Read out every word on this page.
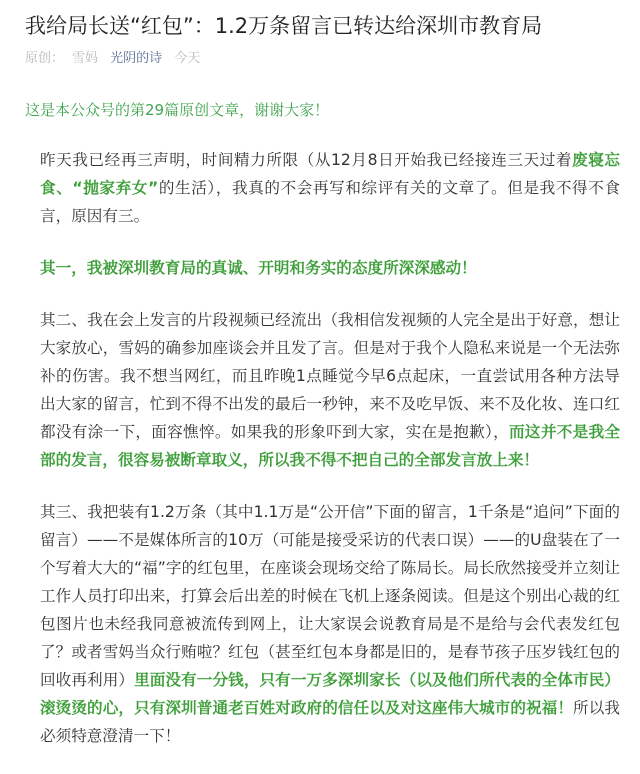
我给局长送“红包”：1.2万条留言已转达给深圳市教育局
原创： 雪妈 光阴的诗 今天
这是本公众号的第29篇原创文章，谢谢大家！

昨天我已经再三声明，时间精力所限（从12月8日开始我已经接连三天过着废寝忘食、“抛家弃女”的生活），我真的不会再写和综评有关的文章了。但是我不得不食言，原因有三。

其一，我被深圳教育局的真诚、开明和务实的态度所深深感动！

其二、我在会上发言的片段视频已经流出（我相信发视频的人完全是出于好意，想让大家放心，雪妈的确参加座谈会并且发了言。但是对于我个人隐私来说是一个无法弥补的伤害。我不想当网红，而且昨晚1点睡觉今早6点起床，一直尝试用各种方法导出大家的留言，忙到不得不出发的最后一秒钟，来不及吃早饭、来不及化妆、连口红都没有涂一下，面容憔悴。如果我的形象吓到大家，实在是抱歉），而这并不是我全部的发言，很容易被断章取义，所以我不得不把自己的全部发言放上来！

其三、我把装有1.2万条（其中1.1万是“公开信”下面的留言，1千条是“追问”下面的留言）——不是媒体所言的10万（可能是接受采访的代表口误）——的U盘装在了一个写着大大的“福”字的红包里，在座谈会现场交给了陈局长。局长欣然接受并立刻让工作人员打印出来，打算会后出差的时候在飞机上逐条阅读。但是这个别出心裁的红包图片也未经我同意被流传到网上，让大家误会说教育局是不是给与会代表发红包了？或者雪妈当众行贿啦？红包（甚至红包本身都是旧的，是春节孩子压岁钱红包的回收再利用）里面没有一分钱，只有一万多深圳家长（以及他们所代表的全体市民）滚烫烫的心，只有深圳普通老百姓对政府的信任以及对这座伟大城市的祝福！所以我必须特意澄清一下！
